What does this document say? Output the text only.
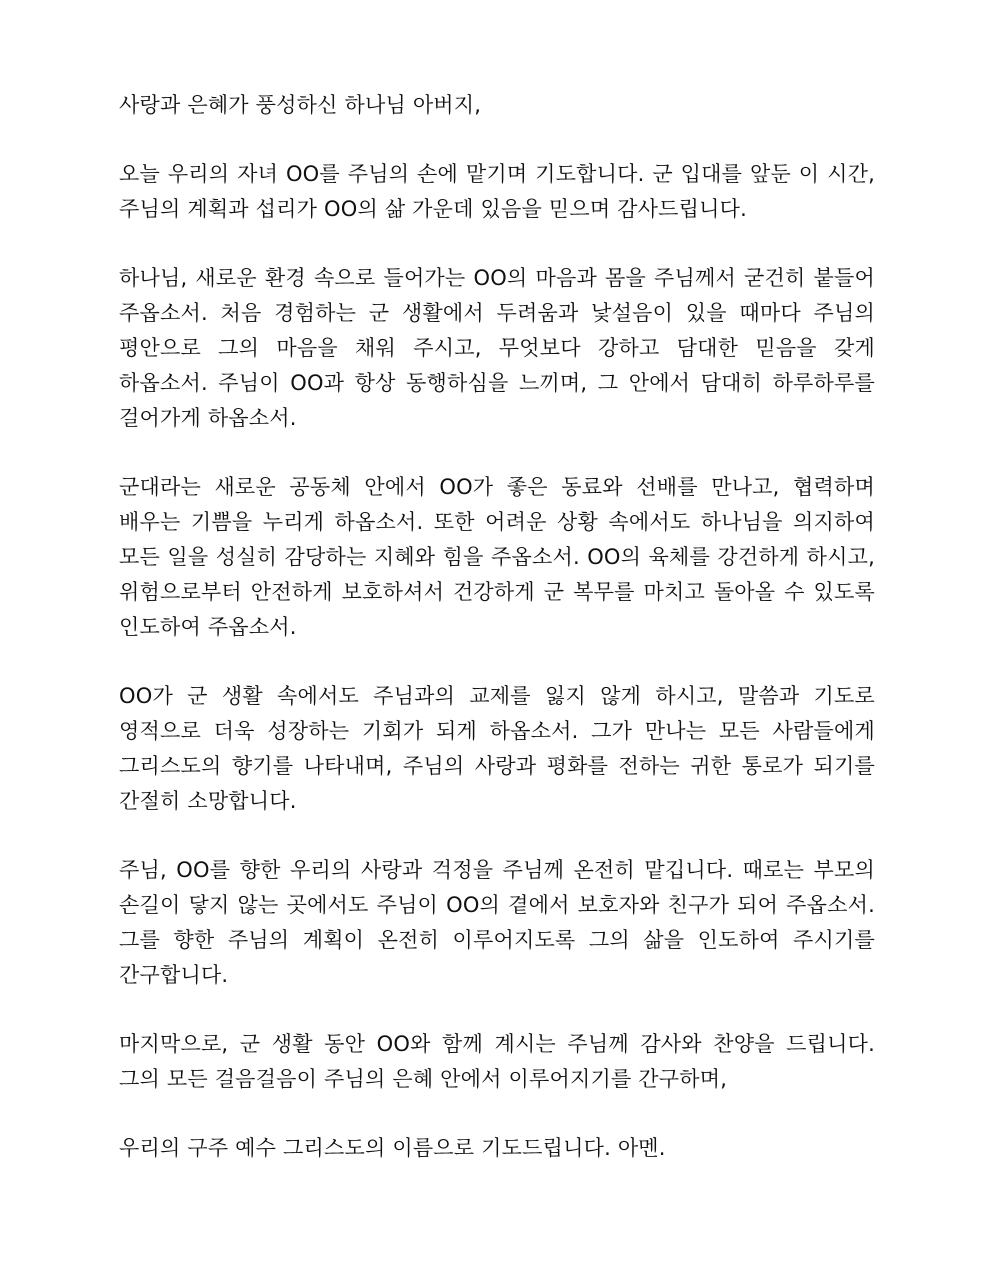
사랑과 은혜가 풍성하신 하나님 아버지,

오늘 우리의 자녀 OO를 주님의 손에 맡기며 기도합니다. 군 입대를 앞둔 이 시간, 주님의 계획과 섭리가 OO의 삶 가운데 있음을 믿으며 감사드립니다.

하나님, 새로운 환경 속으로 들어가는 OO의 마음과 몸을 주님께서 굳건히 붙들어 주옵소서. 처음 경험하는 군 생활에서 두려움과 낯설음이 있을 때마다 주님의 평안으로 그의 마음을 채워 주시고, 무엇보다 강하고 담대한 믿음을 갖게 하옵소서. 주님이 OO과 항상 동행하심을 느끼며, 그 안에서 담대히 하루하루를 걸어가게 하옵소서.

군대라는 새로운 공동체 안에서 OO가 좋은 동료와 선배를 만나고, 협력하며 배우는 기쁨을 누리게 하옵소서. 또한 어려운 상황 속에서도 하나님을 의지하여 모든 일을 성실히 감당하는 지혜와 힘을 주옵소서. OO의 육체를 강건하게 하시고, 위험으로부터 안전하게 보호하셔서 건강하게 군 복무를 마치고 돌아올 수 있도록 인도하여 주옵소서.

OO가 군 생활 속에서도 주님과의 교제를 잃지 않게 하시고, 말씀과 기도로 영적으로 더욱 성장하는 기회가 되게 하옵소서. 그가 만나는 모든 사람들에게 그리스도의 향기를 나타내며, 주님의 사랑과 평화를 전하는 귀한 통로가 되기를 간절히 소망합니다.

주님, OO를 향한 우리의 사랑과 걱정을 주님께 온전히 맡깁니다. 때로는 부모의 손길이 닿지 않는 곳에서도 주님이 OO의 곁에서 보호자와 친구가 되어 주옵소서. 그를 향한 주님의 계획이 온전히 이루어지도록 그의 삶을 인도하여 주시기를 간구합니다.

마지막으로, 군 생활 동안 OO와 함께 계시는 주님께 감사와 찬양을 드립니다. 그의 모든 걸음걸음이 주님의 은혜 안에서 이루어지기를 간구하며,

우리의 구주 예수 그리스도의 이름으로 기도드립니다. 아멘.
